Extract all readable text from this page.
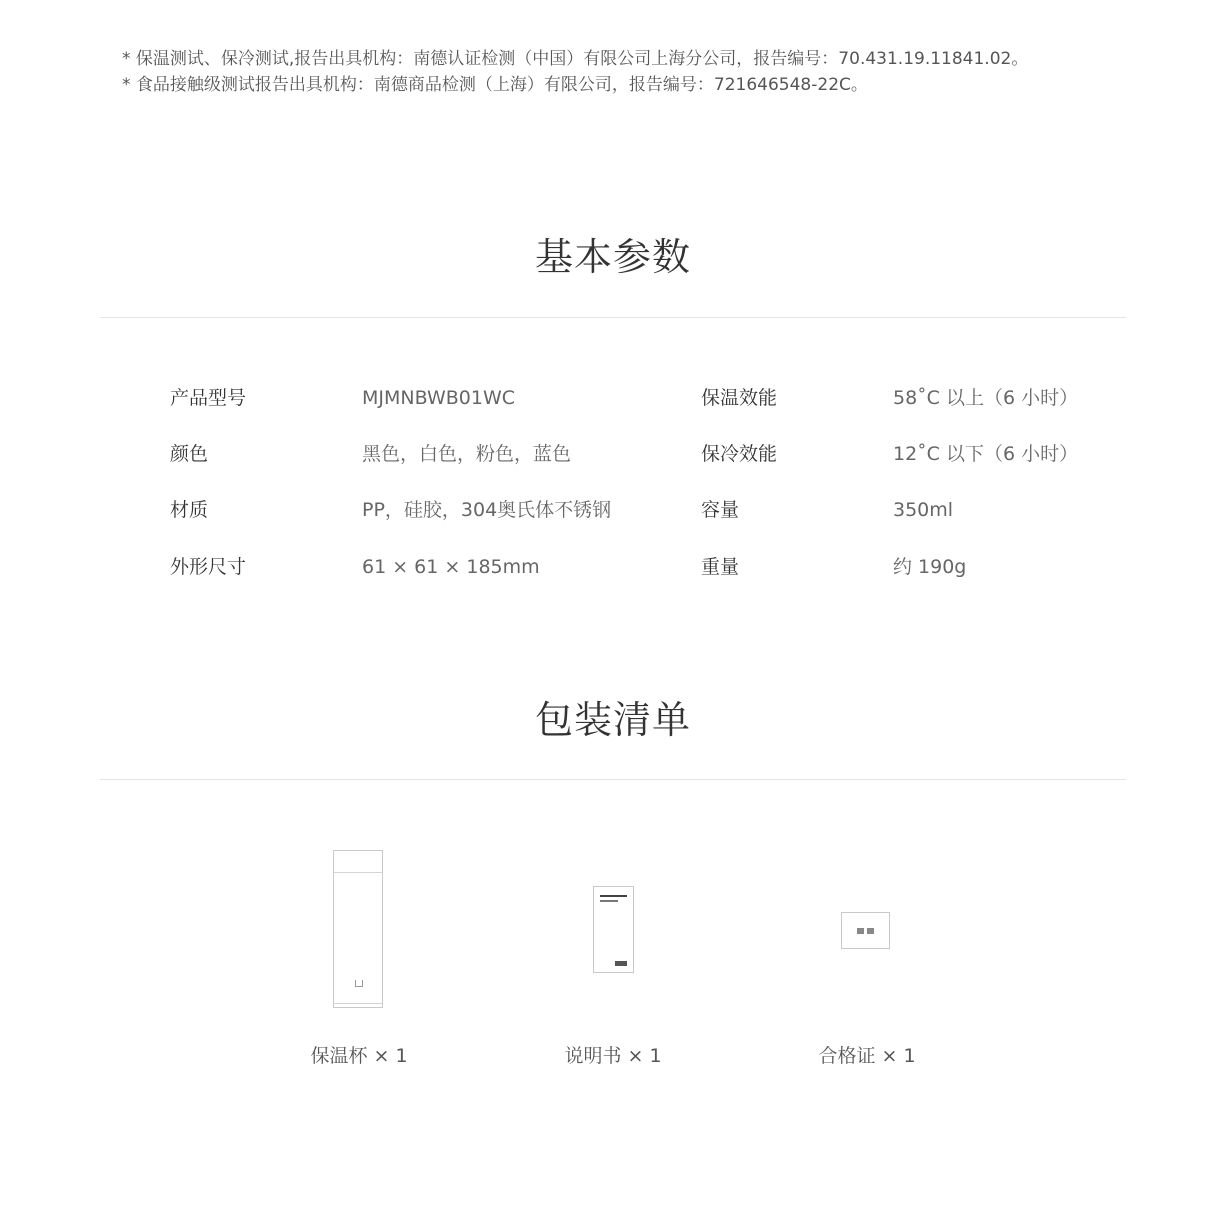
* 保温测试、保冷测试,报告出具机构：南德认证检测（中国）有限公司上海分公司，报告编号：70.431.19.11841.02。
* 食品接触级测试报告出具机构：南德商品检测（上海）有限公司，报告编号：721646548-22C。
基本参数
产品型号	MJMNBWB01WC	保温效能	58˚C 以上（6 小时）
颜色	黑色，白色，粉色，蓝色	保冷效能	12˚C 以下（6 小时）
材质	PP，硅胶，304奥氏体不锈钢	容量	350ml
外形尺寸	61 × 61 × 185mm	重量	约 190g
包装清单
保温杯 × 1	说明书 × 1	合格证 × 1
